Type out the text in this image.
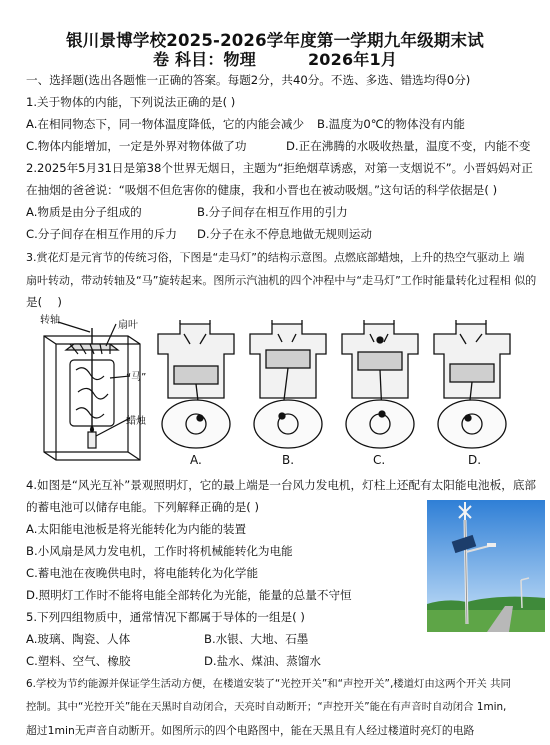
银川景博学校2025-2026学年度第一学期九年级期末试
卷 科目：物理	2026年1月
一、选择题(选出各题惟一正确的答案。每题2分，共40分。不选、多选、错选均得0分)
1.关于物体的内能，下列说法正确的是( )
A.在相同物态下，同一物体温度降低，它的内能会减少 B.温度为0℃的物体没有内能
C.物体内能增加，一定是外界对物体做了功	D.正在沸腾的水吸收热量，温度不变，内能不变
2.2025年5月31日是第38个世界无烟日，主题为“拒绝烟草诱惑，对第一支烟说不”。小晋妈妈对正
在抽烟的爸爸说：“吸烟不但危害你的健康，我和小晋也在被动吸烟。”这句话的科学依据是( )
A.物质是由分子组成的	B.分子间存在相互作用的引力
C.分子间存在相互作用的斥力 D.分子在永不停息地做无规则运动
3.赏花灯是元宵节的传统习俗，下图是“走马灯”的结构示意图。点燃底部蜡烛，上升的热空气驱动上 端
扇叶转动，带动转轴及“马”旋转起来。图所示汽油机的四个冲程中与“走马灯”工作时能量转化过程相 似的
是(　 )
转轴	扇叶
“马”
蜡烛
A.	B.	C.	D.
4.如图是“风光互补”景观照明灯，它的最上端是一台风力发电机，灯柱上还配有太阳能电池板，底部
的蓄电池可以储存电能。下列解释正确的是( )
A.太阳能电池板是将光能转化为内能的装置
B.小风扇是风力发电机，工作时将机械能转化为电能
C.蓄电池在夜晚供电时，将电能转化为化学能
D.照明灯工作时不能将电能全部转化为光能，能量的总量不守恒
5.下列四组物质中，通常情况下都属于导体的一组是( )
A.玻璃、陶瓷、人体	B.水银、大地、石墨
C.塑料、空气、橡胶	D.盐水、煤油、蒸馏水
6.学校为节约能源并保证学生活动方便，在楼道安装了“光控开关”和“声控开关”,楼道灯由这两个开关 共同
控制。其中“光控开关”能在天黑时自动闭合，天亮时自动断开；“声控开关”能在有声音时自动闭合 1min,
超过1min无声音自动断开。如图所示的四个电路图中，能在天黑且有人经过楼道时亮灯的电路
